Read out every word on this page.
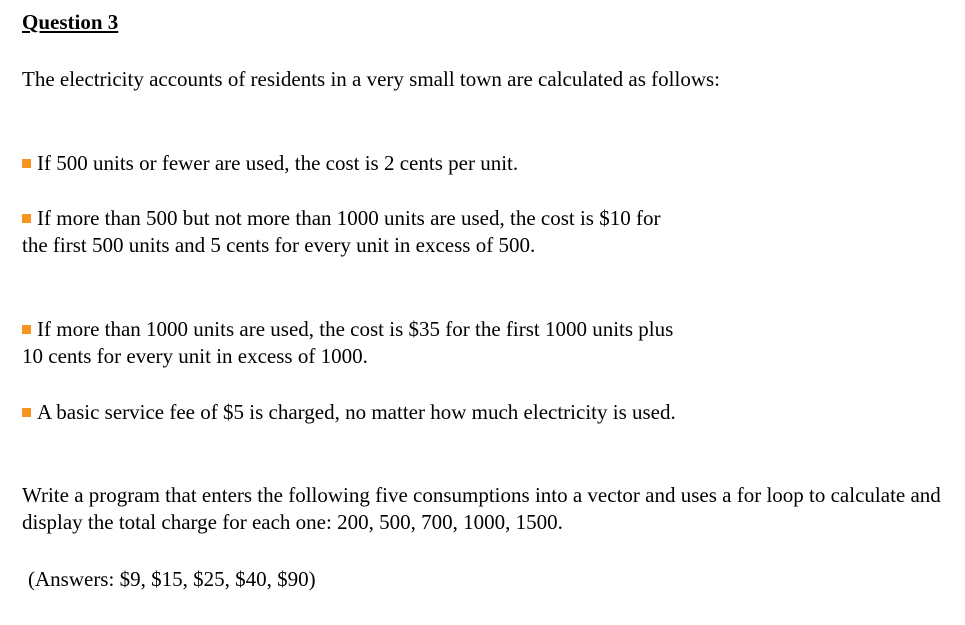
Question 3

The electricity accounts of residents in a very small town are calculated as follows:

If 500 units or fewer are used, the cost is 2 cents per unit.

If more than 500 but not more than 1000 units are used, the cost is $10 for the first 500 units and 5 cents for every unit in excess of 500.

If more than 1000 units are used, the cost is $35 for the first 1000 units plus 10 cents for every unit in excess of 1000.

A basic service fee of $5 is charged, no matter how much electricity is used.

Write a program that enters the following five consumptions into a vector and uses a for loop to calculate and display the total charge for each one: 200, 500, 700, 1000, 1500.

(Answers: $9, $15, $25, $40, $90)
